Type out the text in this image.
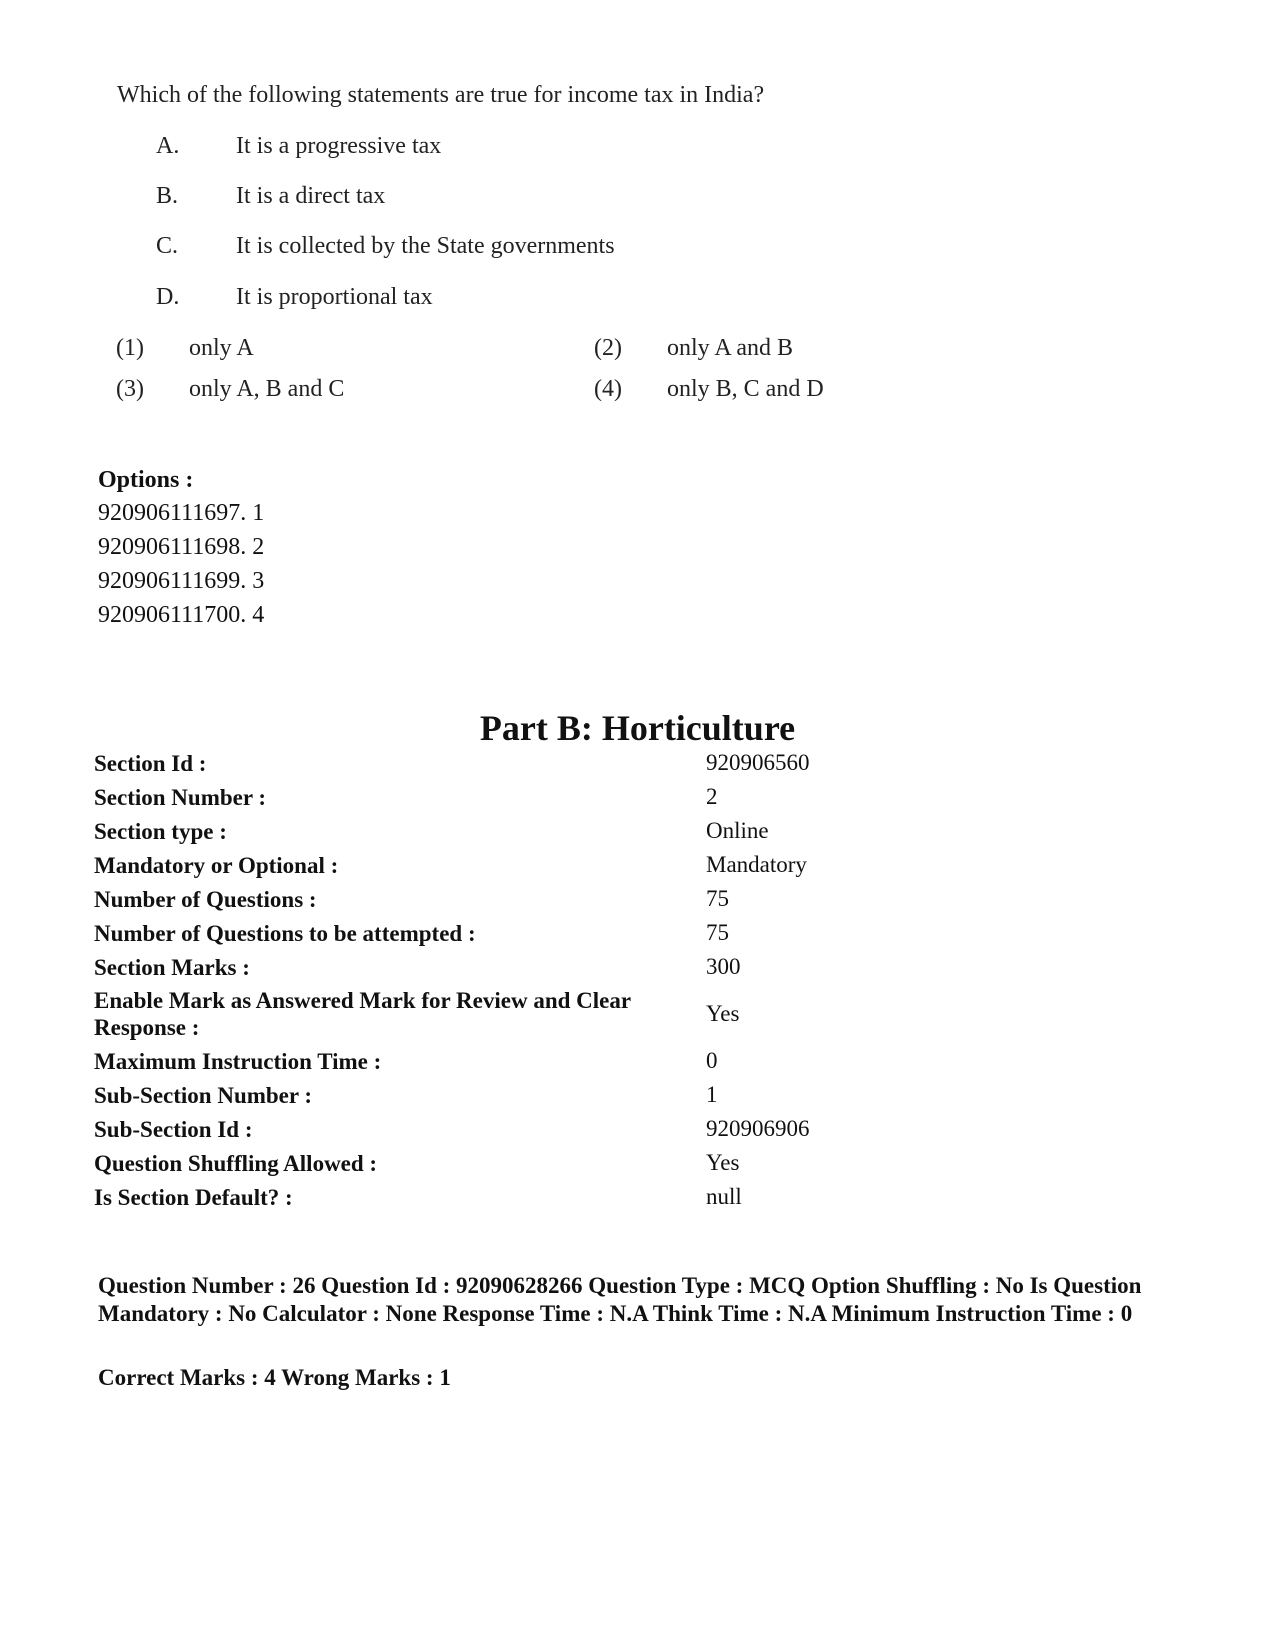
Which of the following statements are true for income tax in India?
A. It is a progressive tax
B. It is a direct tax
C. It is collected by the State governments
D. It is proportional tax
(1) only A	(2) only A and B
(3) only A, B and C	(4) only B, C and D
Options :
920906111697. 1
920906111698. 2
920906111699. 3
920906111700. 4
Part B: Horticulture
Section Id :	920906560
Section Number :	2
Section type :	Online
Mandatory or Optional :	Mandatory
Number of Questions :	75
Number of Questions to be attempted :	75
Section Marks :	300
Enable Mark as Answered Mark for Review and Clear Response :
Yes
Maximum Instruction Time :	0
Sub-Section Number :	1
Sub-Section Id :	920906906
Question Shuffling Allowed :	Yes
Is Section Default? :	null
Question Number : 26 Question Id : 92090628266 Question Type : MCQ Option Shuffling : No Is Question Mandatory : No Calculator : None Response Time : N.A Think Time : N.A Minimum Instruction Time : 0
Correct Marks : 4 Wrong Marks : 1
